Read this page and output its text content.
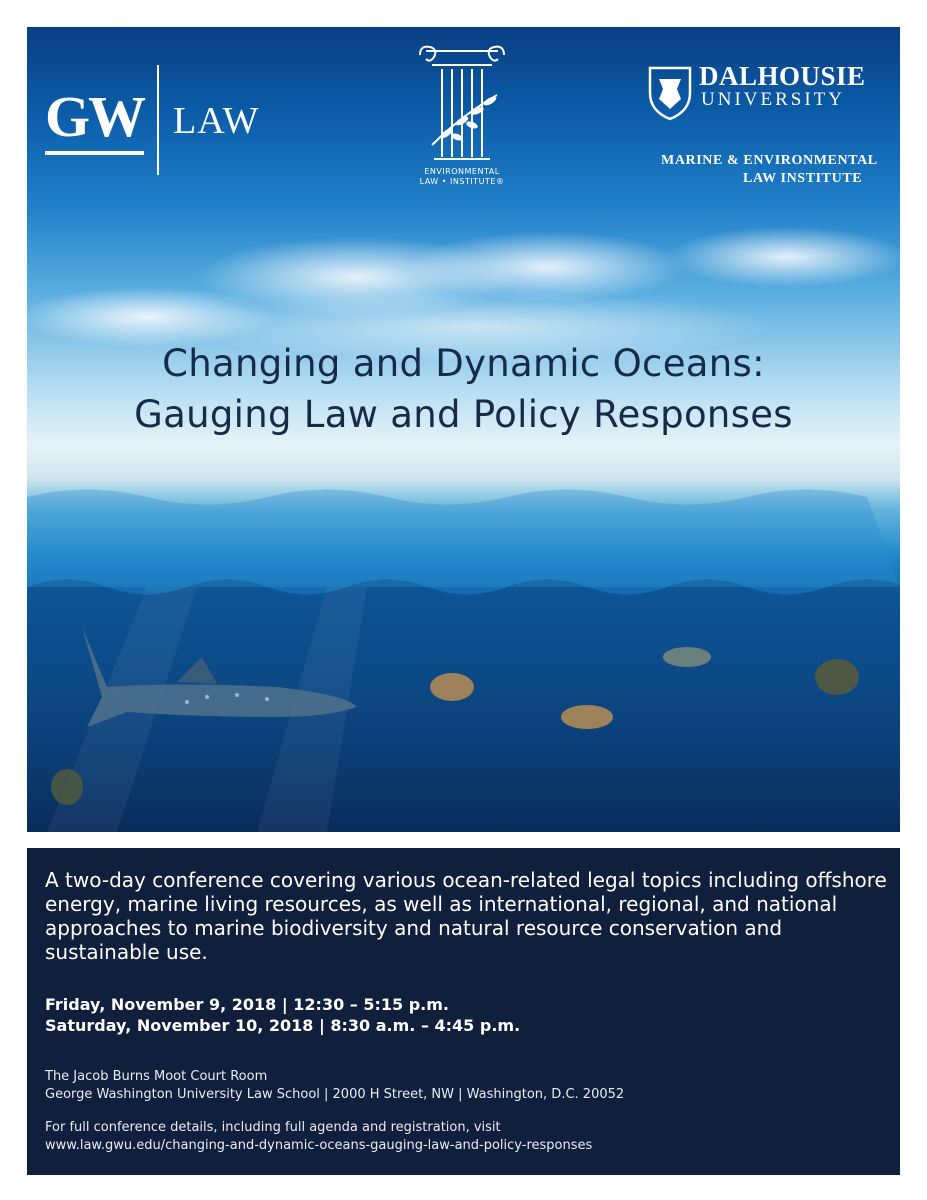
GW LAW
ENVIRONMENTAL
LAW • INSTITUTE®
DALHOUSIE
UNIVERSITY
MARINE & ENVIRONMENTAL
LAW INSTITUTE
Changing and Dynamic Oceans:
Gauging Law and Policy Responses

A two-day conference covering various ocean-related legal topics including offshore energy, marine living resources, as well as international, regional, and national approaches to marine biodiversity and natural resource conservation and sustainable use.

Friday, November 9, 2018 | 12:30 – 5:15 p.m.
Saturday, November 10, 2018 | 8:30 a.m. – 4:45 p.m.
The Jacob Burns Moot Court Room
George Washington University Law School | 2000 H Street, NW | Washington, D.C. 20052
For full conference details, including full agenda and registration, visit
www.law.gwu.edu/changing-and-dynamic-oceans-gauging-law-and-policy-responses
